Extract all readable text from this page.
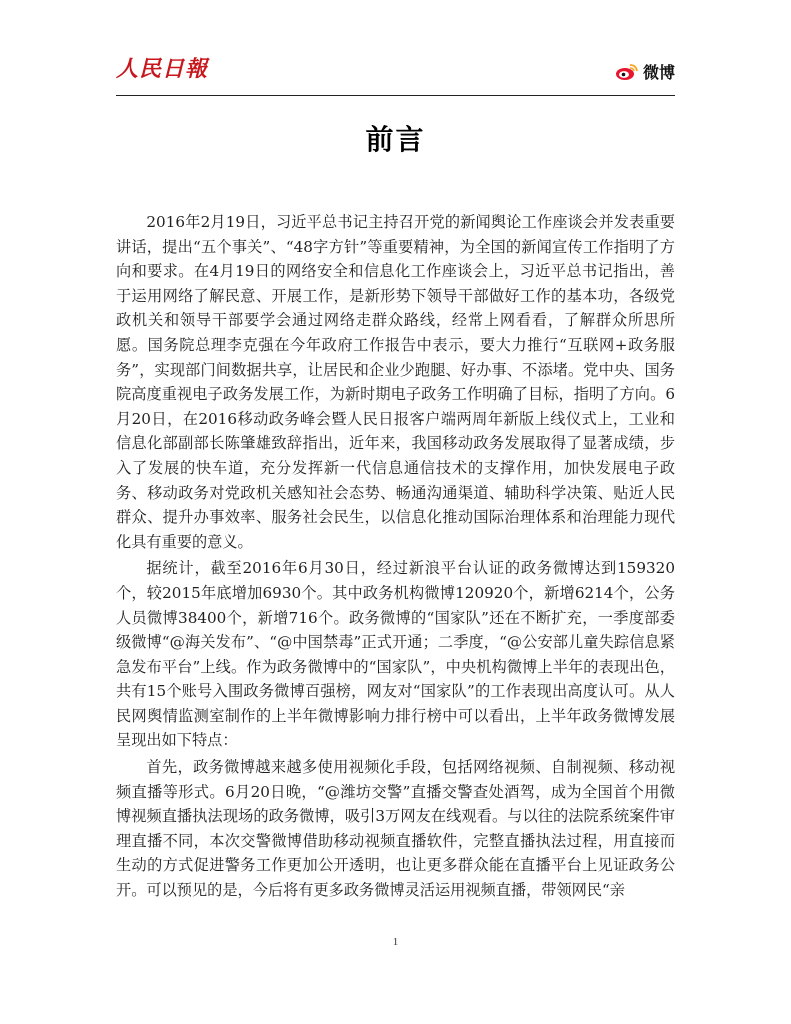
人民日報	微博
前言

2016年2月19日，习近平总书记主持召开党的新闻舆论工作座谈会并发表重要讲话，提出“五个事关”、“48字方针”等重要精神，为全国的新闻宣传工作指明了方向和要求。在4月19日的网络安全和信息化工作座谈会上，习近平总书记指出，善于运用网络了解民意、开展工作，是新形势下领导干部做好工作的基本功，各级党政机关和领导干部要学会通过网络走群众路线，经常上网看看，了解群众所思所愿。国务院总理李克强在今年政府工作报告中表示，要大力推行“互联网+政务服务”，实现部门间数据共享，让居民和企业少跑腿、好办事、不添堵。党中央、国务院高度重视电子政务发展工作，为新时期电子政务工作明确了目标，指明了方向。6月20日，在2016移动政务峰会暨人民日报客户端两周年新版上线仪式上，工业和信息化部副部长陈肇雄致辞指出，近年来，我国移动政务发展取得了显著成绩，步入了发展的快车道，充分发挥新一代信息通信技术的支撑作用，加快发展电子政务、移动政务对党政机关感知社会态势、畅通沟通渠道、辅助科学决策、贴近人民群众、提升办事效率、服务社会民生，以信息化推动国际治理体系和治理能力现代化具有重要的意义。

据统计，截至2016年6月30日，经过新浪平台认证的政务微博达到159320个，较2015年底增加6930个。其中政务机构微博120920个，新增6214个，公务人员微博38400个，新增716个。政务微博的“国家队”还在不断扩充，一季度部委级微博“@海关发布”、“@中国禁毒”正式开通；二季度，“@公安部儿童失踪信息紧急发布平台”上线。作为政务微博中的“国家队”，中央机构微博上半年的表现出色，共有15个账号入围政务微博百强榜，网友对“国家队”的工作表现出高度认可。从人民网舆情监测室制作的上半年微博影响力排行榜中可以看出，上半年政务微博发展呈现出如下特点：

首先，政务微博越来越多使用视频化手段，包括网络视频、自制视频、移动视频直播等形式。6月20日晚，“@潍坊交警”直播交警查处酒驾，成为全国首个用微博视频直播执法现场的政务微博，吸引3万网友在线观看。与以往的法院系统案件审理直播不同，本次交警微博借助移动视频直播软件，完整直播执法过程，用直接而生动的方式促进警务工作更加公开透明，也让更多群众能在直播平台上见证政务公开。可以预见的是，今后将有更多政务微博灵活运用视频直播，带领网民“亲

1
